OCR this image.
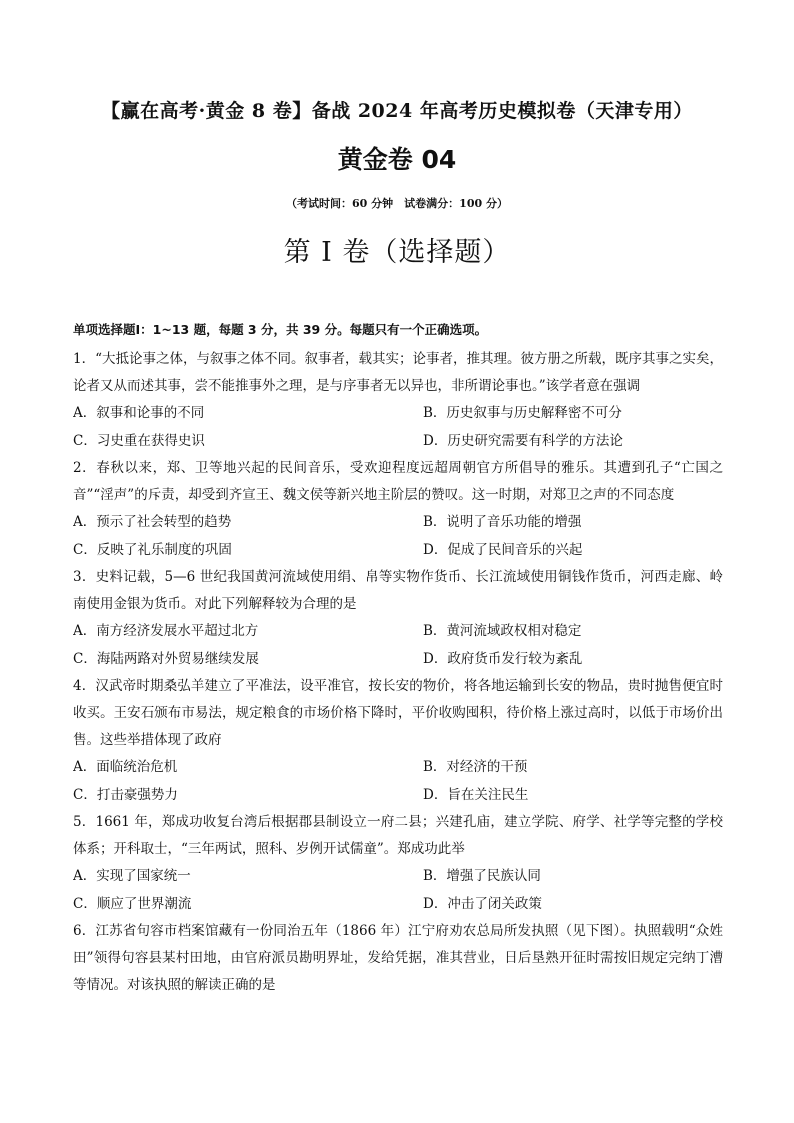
【赢在高考·黄金 8 卷】备战 2024 年高考历史模拟卷（天津专用）
黄金卷 04
（考试时间：60 分钟　试卷满分：100 分）
第 I 卷（选择题）
单项选择题Ⅰ：1~13 题，每题 3 分，共 39 分。每题只有一个正确选项。

1．“大抵论事之体，与叙事之体不同。叙事者，载其实；论事者，推其理。彼方册之所载，既序其事之实矣，论者又从而述其事，尝不能推事外之理，是与序事者无以异也，非所谓论事也。”该学者意在强调

A．叙事和论事的不同	B．历史叙事与历史解释密不可分
C．习史重在获得史识	D．历史研究需要有科学的方法论

2．春秋以来，郑、卫等地兴起的民间音乐，受欢迎程度远超周朝官方所倡导的雅乐。其遭到孔子“亡国之音”“淫声”的斥责，却受到齐宣王、魏文侯等新兴地主阶层的赞叹。这一时期，对郑卫之声的不同态度

A．预示了社会转型的趋势	B．说明了音乐功能的增强
C．反映了礼乐制度的巩固	D．促成了民间音乐的兴起

3．史料记载，5—6 世纪我国黄河流域使用绢、帛等实物作货币、长江流域使用铜钱作货币，河西走廊、岭南使用金银为货币。对此下列解释较为合理的是

A．南方经济发展水平超过北方	B．黄河流域政权相对稳定
C．海陆两路对外贸易继续发展	D．政府货币发行较为紊乱

4．汉武帝时期桑弘羊建立了平准法，设平准官，按长安的物价，将各地运输到长安的物品，贵时抛售便宜时收买。王安石颁布市易法，规定粮食的市场价格下降时，平价收购囤积，待价格上涨过高时，以低于市场价出售。这些举措体现了政府

A．面临统治危机	B．对经济的干预
C．打击豪强势力	D．旨在关注民生

5．1661 年，郑成功收复台湾后根据郡县制设立一府二县；兴建孔庙，建立学院、府学、社学等完整的学校体系；开科取士，“三年两试，照科、岁例开试儒童”。郑成功此举

A．实现了国家统一	B．增强了民族认同
C．顺应了世界潮流	D．冲击了闭关政策

6．江苏省句容市档案馆藏有一份同治五年（1866 年）江宁府劝农总局所发执照（见下图）。执照载明“众姓田”领得句容县某村田地，由官府派员勘明界址，发给凭据，准其营业，日后垦熟开征时需按旧规定完纳丁漕等情况。对该执照的解读正确的是
